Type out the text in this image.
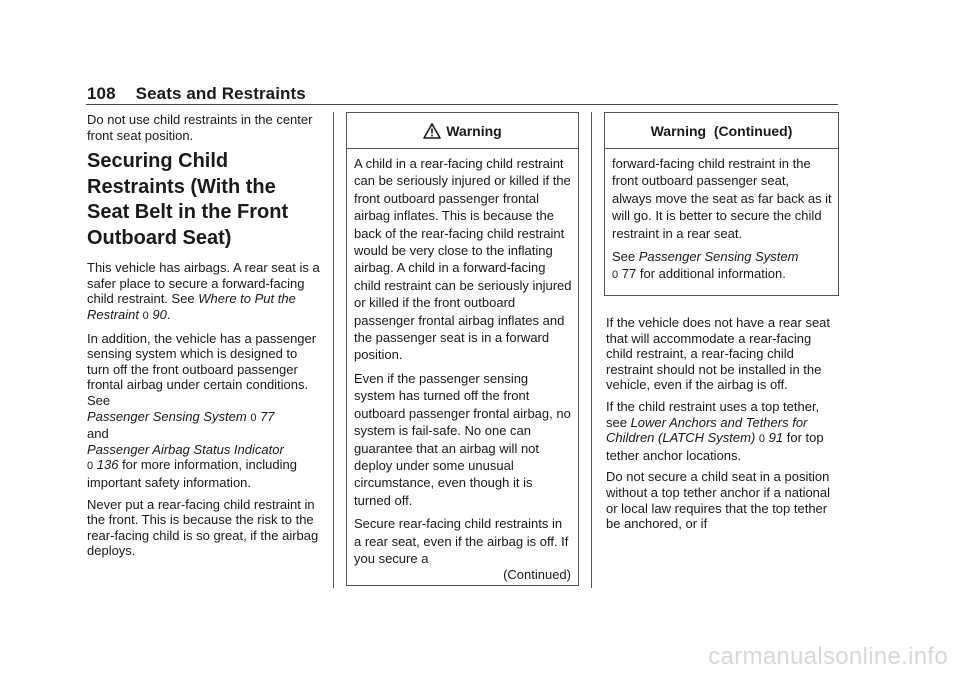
108 Seats and Restraints

Do not use child restraints in the center front seat position.

Securing Child Restraints (With the Seat Belt in the Front Outboard Seat)

This vehicle has airbags. A rear seat is a safer place to secure a forward-facing child restraint. See Where to Put the Restraint 0 90.

In addition, the vehicle has a passenger sensing system which is designed to turn off the front outboard passenger frontal airbag under certain conditions. See
Passenger Sensing System 0 77
and
Passenger Airbag Status Indicator
0 136 for more information, including important safety information.

Never put a rear-facing child restraint in the front. This is because the risk to the rear-facing child is so great, if the airbag deploys.

Warning

A child in a rear-facing child restraint can be seriously injured or killed if the front outboard passenger frontal airbag inflates. This is because the back of the rear-facing child restraint would be very close to the inflating airbag. A child in a forward-facing child restraint can be seriously injured or killed if the front outboard passenger frontal airbag inflates and the passenger seat is in a forward position.

Even if the passenger sensing system has turned off the front outboard passenger frontal airbag, no system is fail-safe. No one can guarantee that an airbag will not deploy under some unusual circumstance, even though it is turned off.

Secure rear-facing child restraints in a rear seat, even if the airbag is off. If you secure a

(Continued)
Warning  (Continued)

forward-facing child restraint in the front outboard passenger seat, always move the seat as far back as it will go. It is better to secure the child restraint in a rear seat.

See Passenger Sensing System
0 77 for additional information.

If the vehicle does not have a rear seat that will accommodate a rear-facing child restraint, a rear-facing child restraint should not be installed in the vehicle, even if the airbag is off.

If the child restraint uses a top tether, see Lower Anchors and Tethers for Children (LATCH System) 0 91 for top tether anchor locations.

Do not secure a child seat in a position without a top tether anchor if a national or local law requires that the top tether be anchored, or if

carmanualsonline.info
